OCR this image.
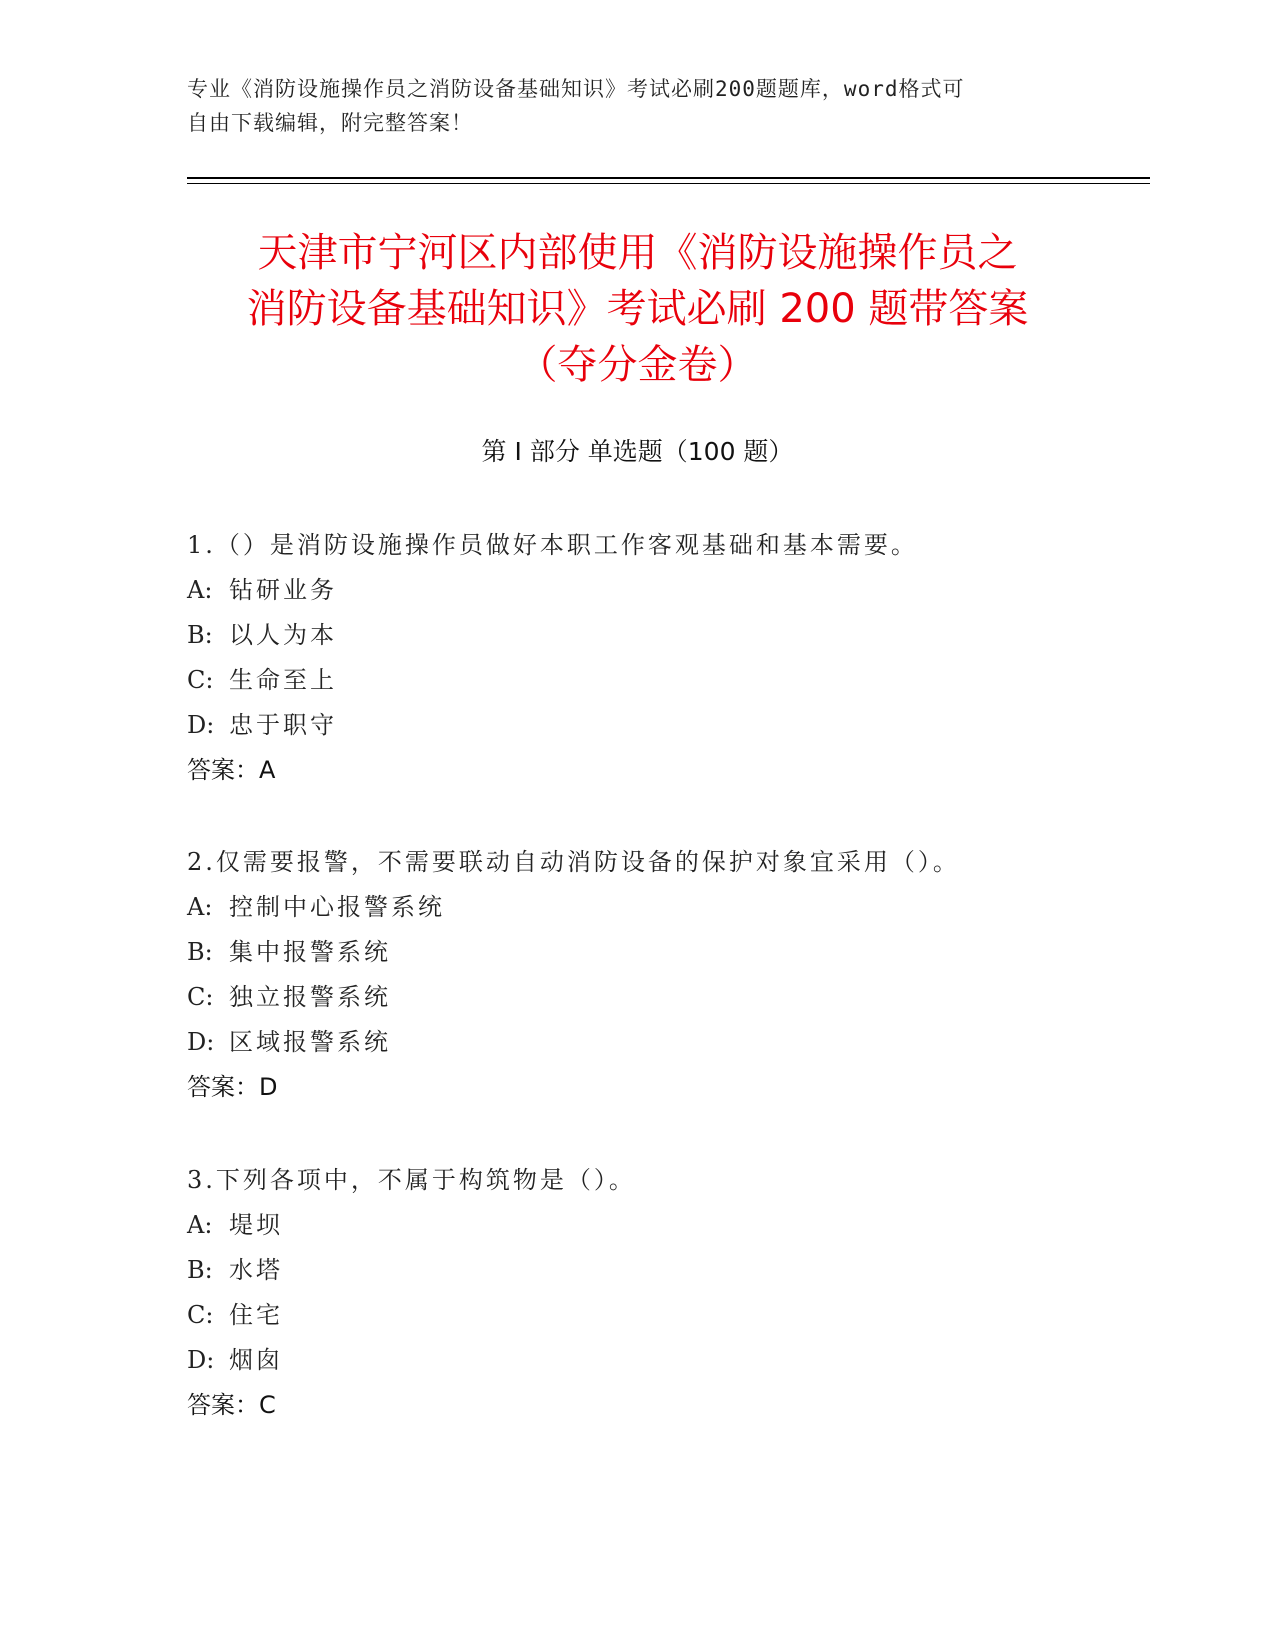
专业《消防设施操作员之消防设备基础知识》考试必刷200题题库，word格式可
自由下载编辑，附完整答案！
天津市宁河区内部使用《消防设施操作员之
消防设备基础知识》考试必刷 200 题带答案
（夺分金卷）
第 I 部分 单选题（100 题）
1.（）是消防设施操作员做好本职工作客观基础和基本需要。
A: 钻研业务
B: 以人为本
C: 生命至上
D: 忠于职守
答案：A
2.仅需要报警，不需要联动自动消防设备的保护对象宜采用（）。
A: 控制中心报警系统
B: 集中报警系统
C: 独立报警系统
D: 区域报警系统
答案：D
3.下列各项中，不属于构筑物是（）。
A: 堤坝
B: 水塔
C: 住宅
D: 烟囱
答案：C
